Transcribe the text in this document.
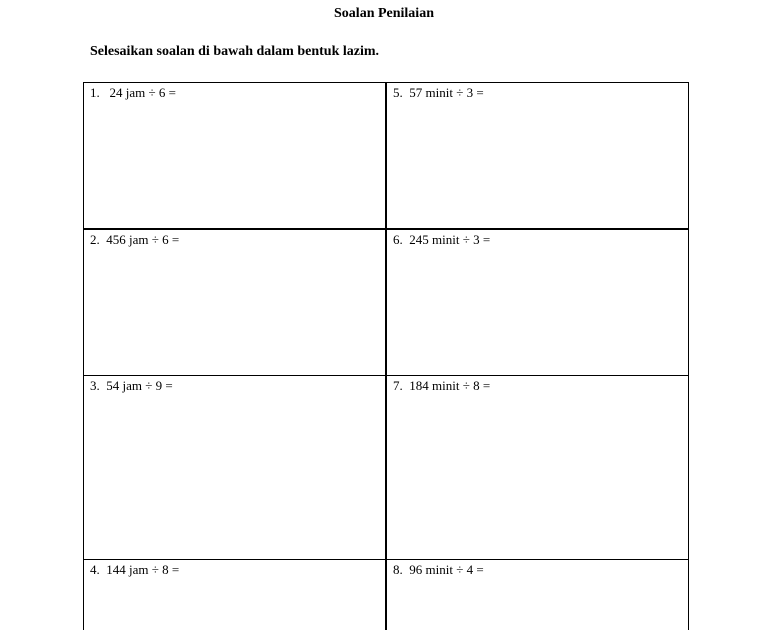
Soalan Penilaian
Selesaikan soalan di bawah dalam bentuk lazim.
1.   24 jam ÷ 6 =	5.  57 minit ÷ 3 =

2.  456 jam ÷ 6 =	6.  245 minit ÷ 3 =

3.  54 jam ÷ 9 =	7.  184 minit ÷ 8 =

4.  144 jam ÷ 8 =	8.  96 minit ÷ 4 =
